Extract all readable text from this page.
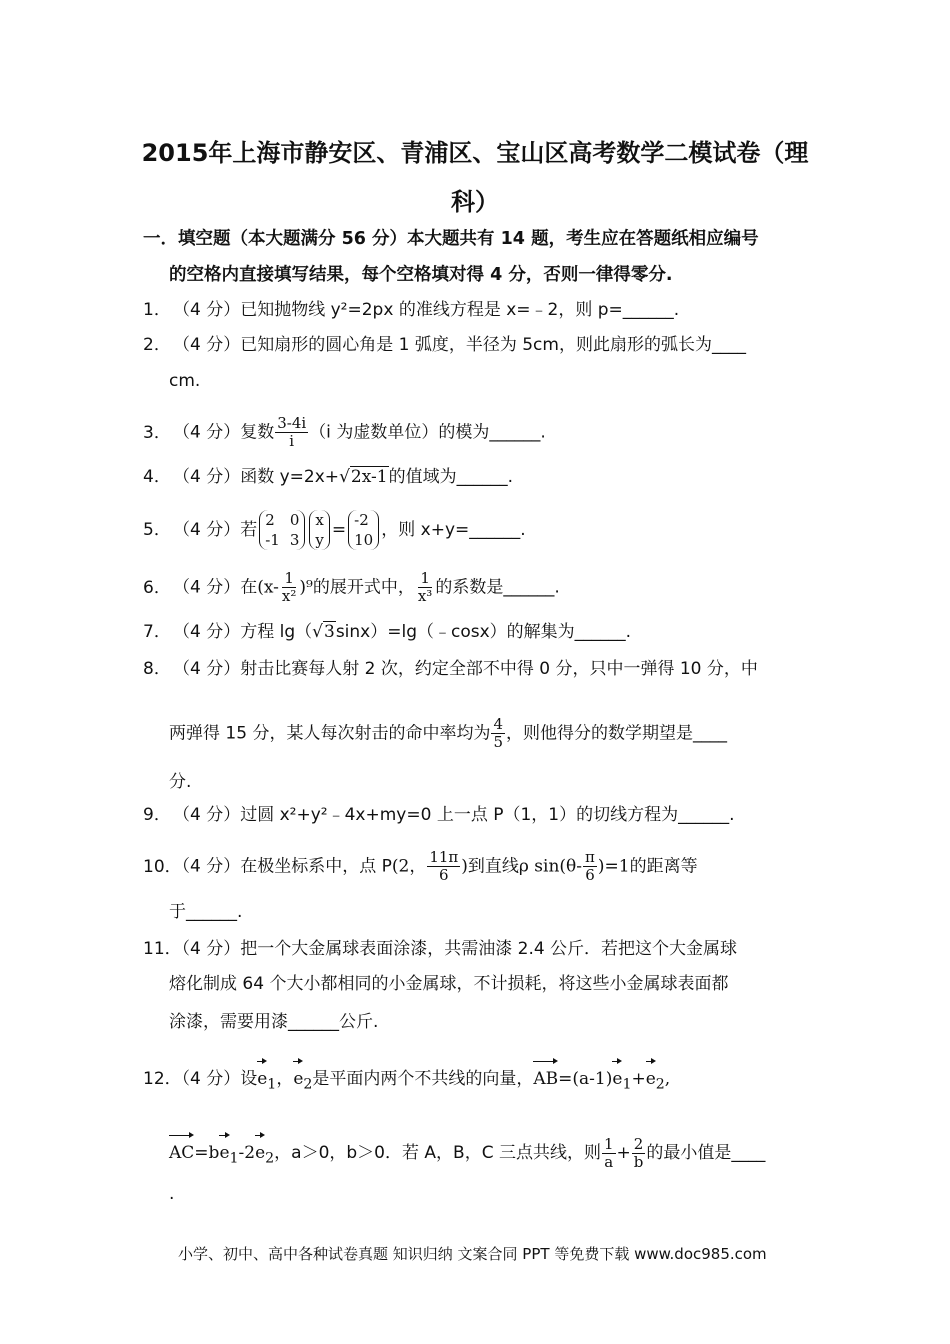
2015年上海市静安区、青浦区、宝山区高考数学二模试卷（理
科）
一．填空题（本大题满分 56 分）本大题共有 14 题，考生应在答题纸相应编号
的空格内直接填写结果，每个空格填对得 4 分，否则一律得零分.
1． （4 分）已知抛物线 y²=2px 的准线方程是 x=﹣2，则 p=______.
2． （4 分）已知扇形的圆心角是 1 弧度，半径为 5cm，则此扇形的弧长为____
cm.
3． （4 分）复数 $\frac{3-4i}{i} (i$ 为虚数单位）的模为______.
4． （4 分）函数 y=2x+√2x-1的值域为______.
5． （4 分）若 2 0
-1 3
x
y = -2
10 ，则 x+y=______.
6． （4 分）在$(x- \frac{1}{\text{x²}} )^9$的展开式中， $\frac{1}{\text{x³}}$ 的系数是______.
7． （4 分）方程 lg（√3sinx）=lg（﹣cosx）的解集为______.
8． （4 分）射击比赛每人射 2 次，约定全部不中得 0 分，只中一弹得 10 分，中
两弹得 15 分，某人每次射击的命中率均为 $\frac{4}{5}$ ，则他得分的数学期望是____
分.
9． （4 分）过圆 x²+y²﹣4x+my=0 上一点 P（1，1）的切线方程为______.
10．（4 分）在极坐标系中，点 P(2， $\frac{11\pi}{6}$ )到直线ρ $\sin(\theta- \frac{\pi}{6} )=1$的距离等
于______.
11．（4 分）把一个大金属球表面涂漆，共需油漆 2.4 公斤．若把这个大金属球
熔化制成 64 个大小都相同的小金属球，不计损耗，将这些小金属球表面都
涂漆，需要用漆______公斤.
12．（4 分）设$e_1$，$e_2$是平面内两个不共线的向量，$AB=(a-1)e_1+e_2$,
$AC=be_1-2e_2$，a＞0，b＞0．若 A，B，C 三点共线，则 $\frac{1}{a} + \frac{2}{b}$ 的最小值是____
.
小学、初中、高中各种试卷真题 知识归纳 文案合同 PPT 等免费下载 www.doc985.com
